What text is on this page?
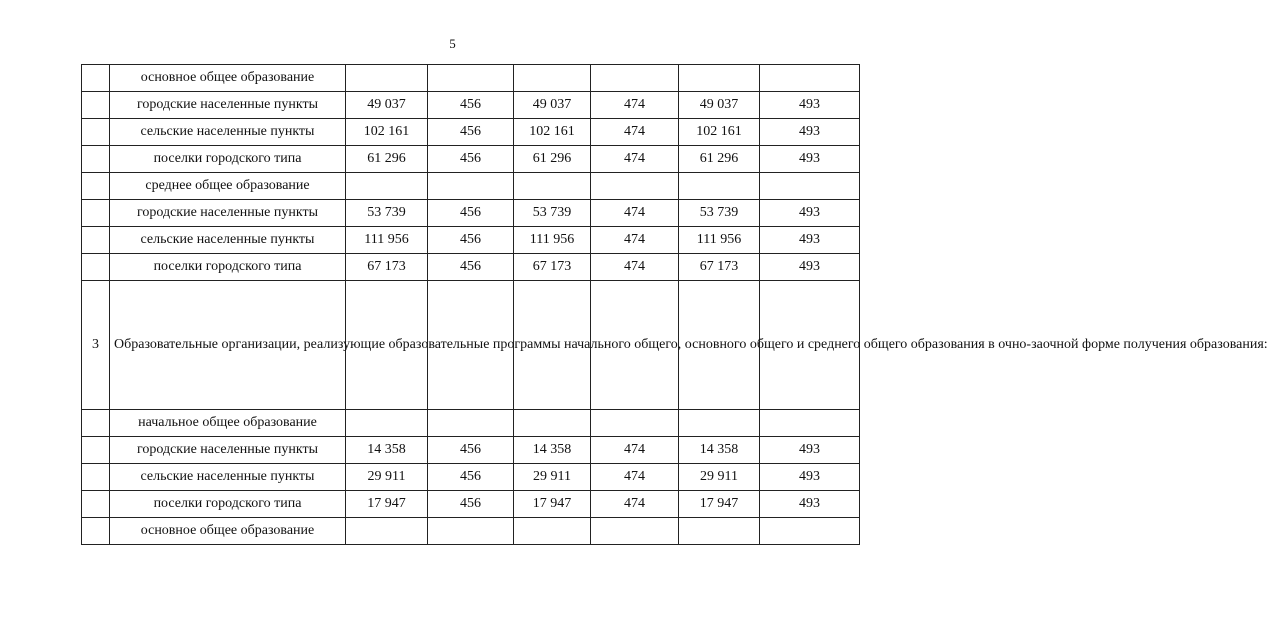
5
	основное общее образование						
	городские населенные пункты	49 037	456	49 037	474	49 037	493
	сельские населенные пункты	102 161	456	102 161	474	102 161	493
	поселки городского типа	61 296	456	61 296	474	61 296	493
	среднее общее образование						
	городские населенные пункты	53 739	456	53 739	474	53 739	493
	сельские населенные пункты	111 956	456	111 956	474	111 956	493
	поселки городского типа	67 173	456	67 173	474	67 173	493
3	Образовательные организации, реализующие образовательные программы начального общего, основного общего и среднего общего образования в очно-заочной форме получения образования:						
	начальное общее образование						
	городские населенные пункты	14 358	456	14 358	474	14 358	493
	сельские населенные пункты	29 911	456	29 911	474	29 911	493
	поселки городского типа	17 947	456	17 947	474	17 947	493
	основное общее образование						
